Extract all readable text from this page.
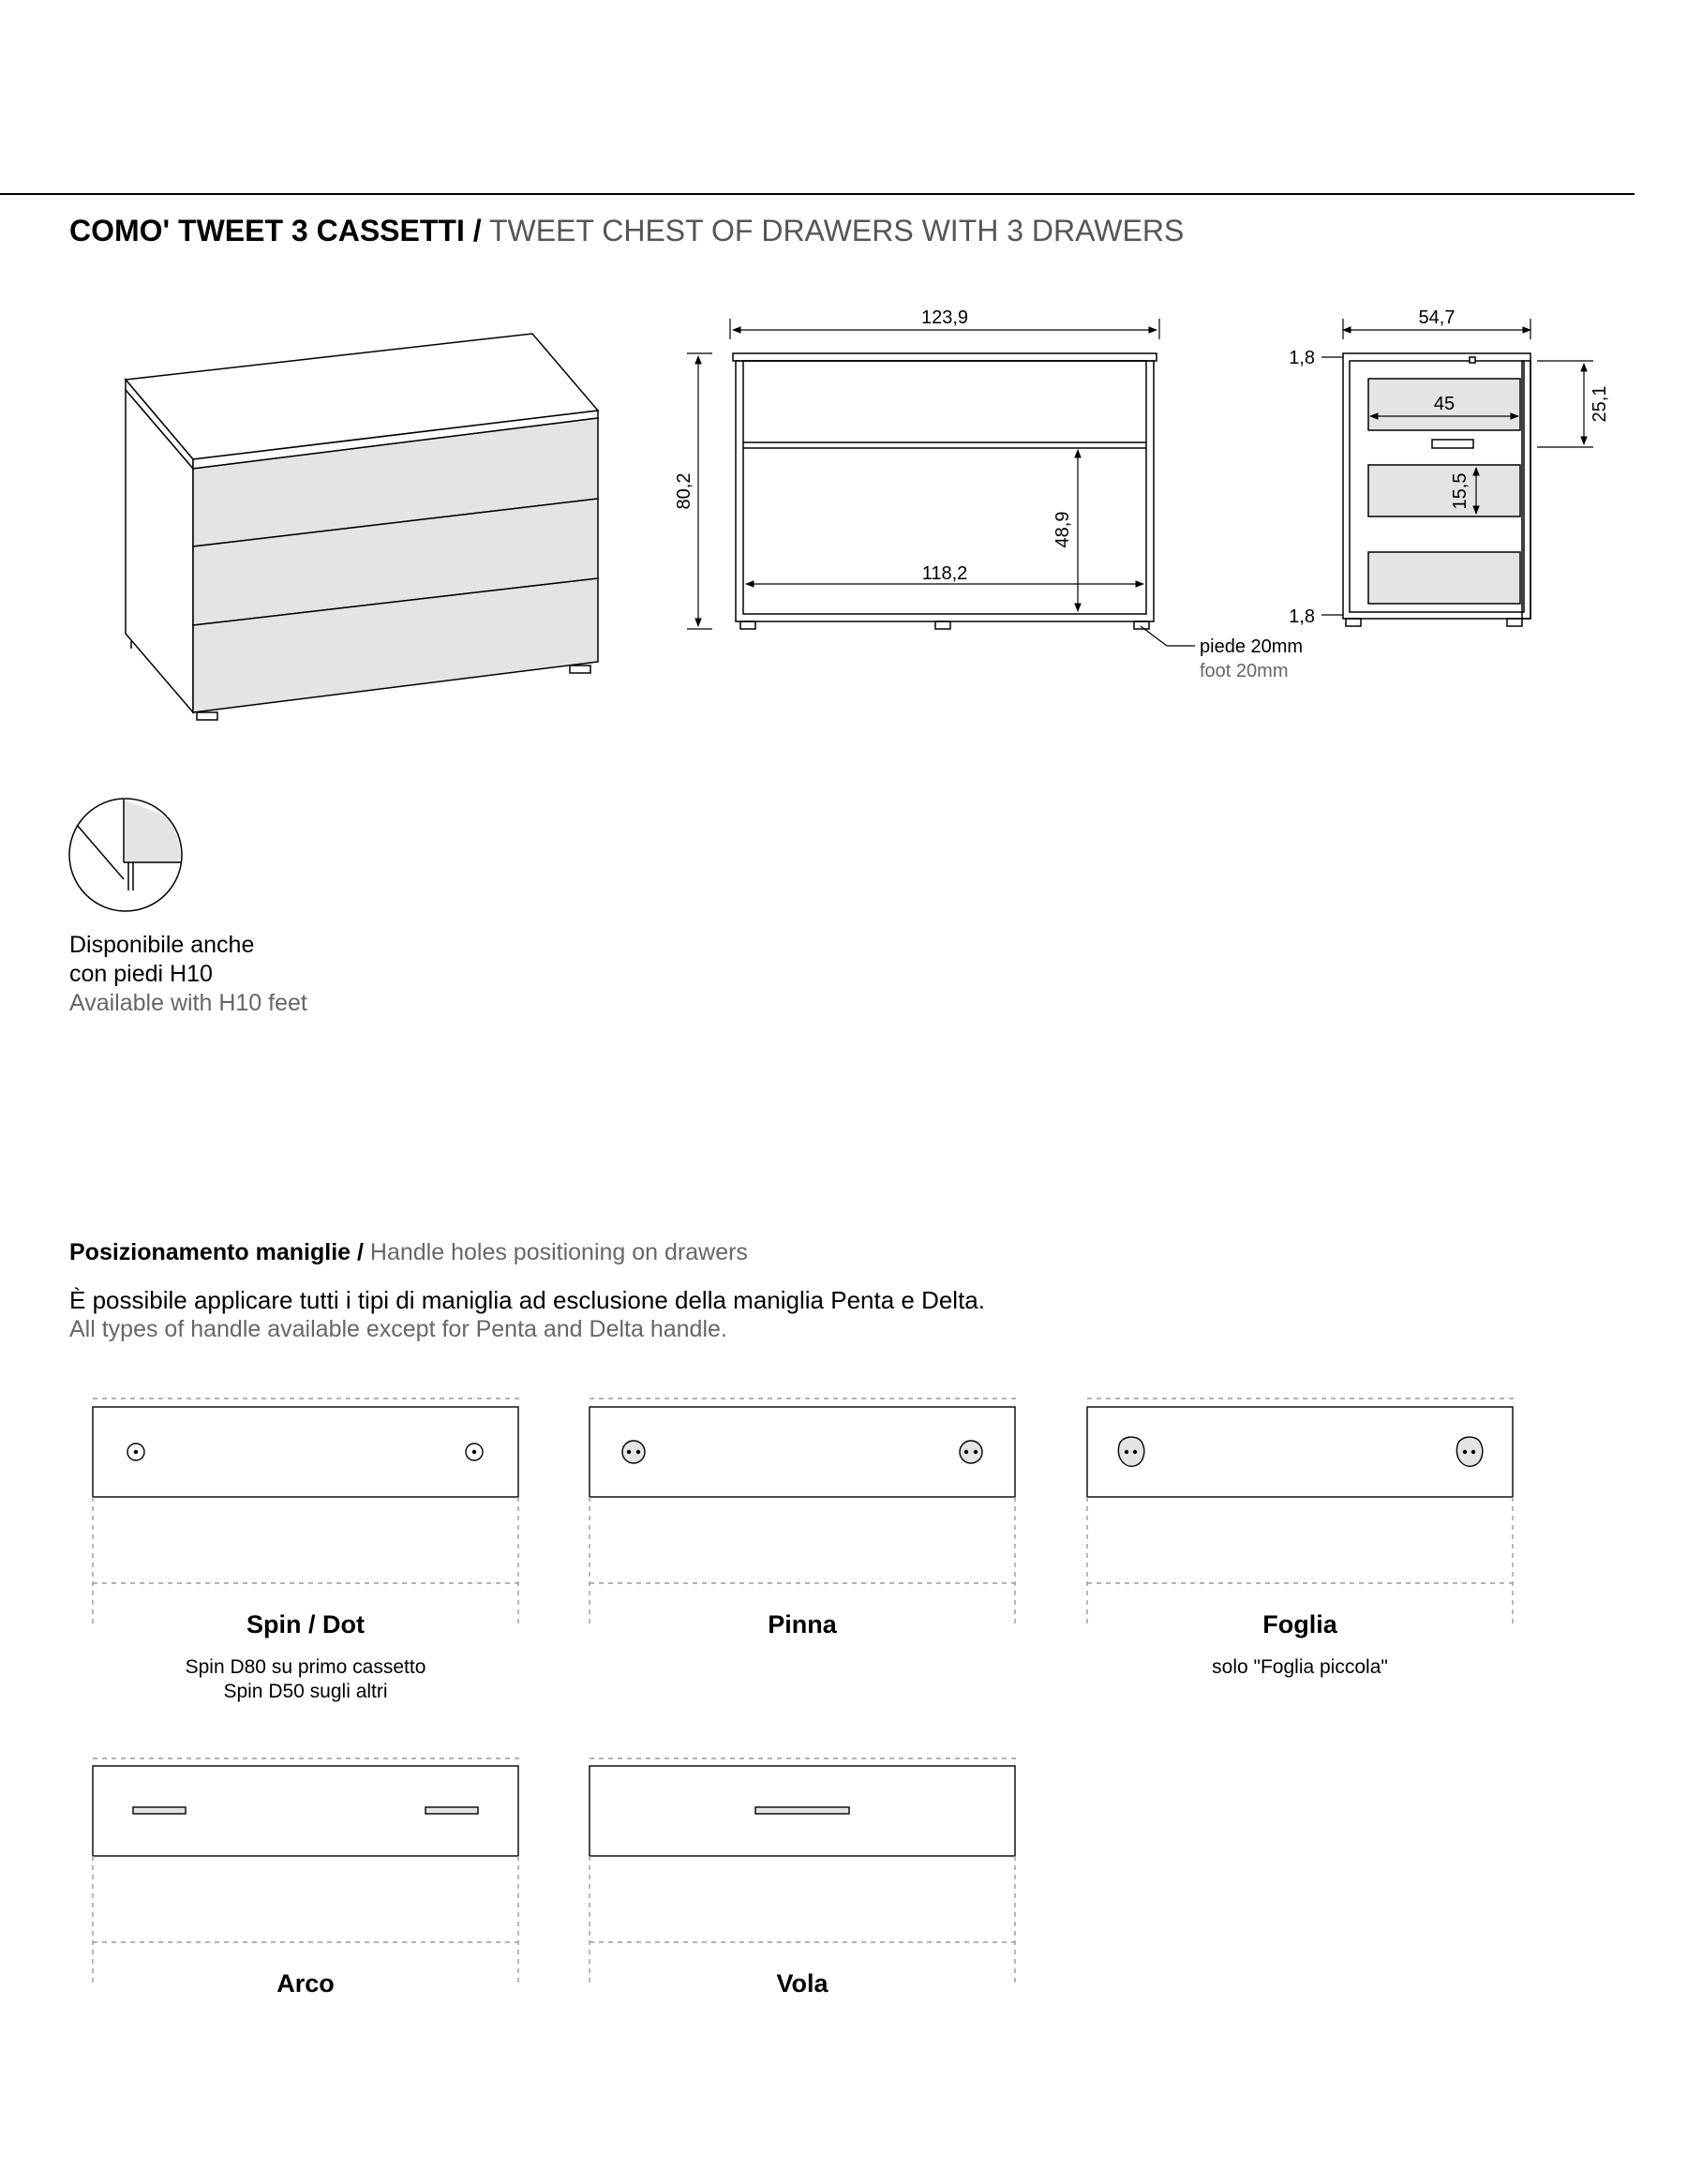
COMO' TWEET 3 CASSETTI / TWEET CHEST OF DRAWERS WITH 3 DRAWERS
123,9
80,2
118,2
48,9
piede 20mm
foot 20mm
54,7
1,8
1,8
25,1
45
15,5
Disponibile anche
con piedi H10
Available with H10 feet
Posizionamento maniglie / Handle holes positioning on drawers
È possibile applicare tutti i tipi di maniglia ad esclusione della maniglia Penta e Delta.
All types of handle available except for Penta and Delta handle.
Spin / Dot
Spin D80 su primo cassetto
Spin D50 sugli altri
Pinna	Foglia
solo "Foglia piccola"
Arco	Vola
